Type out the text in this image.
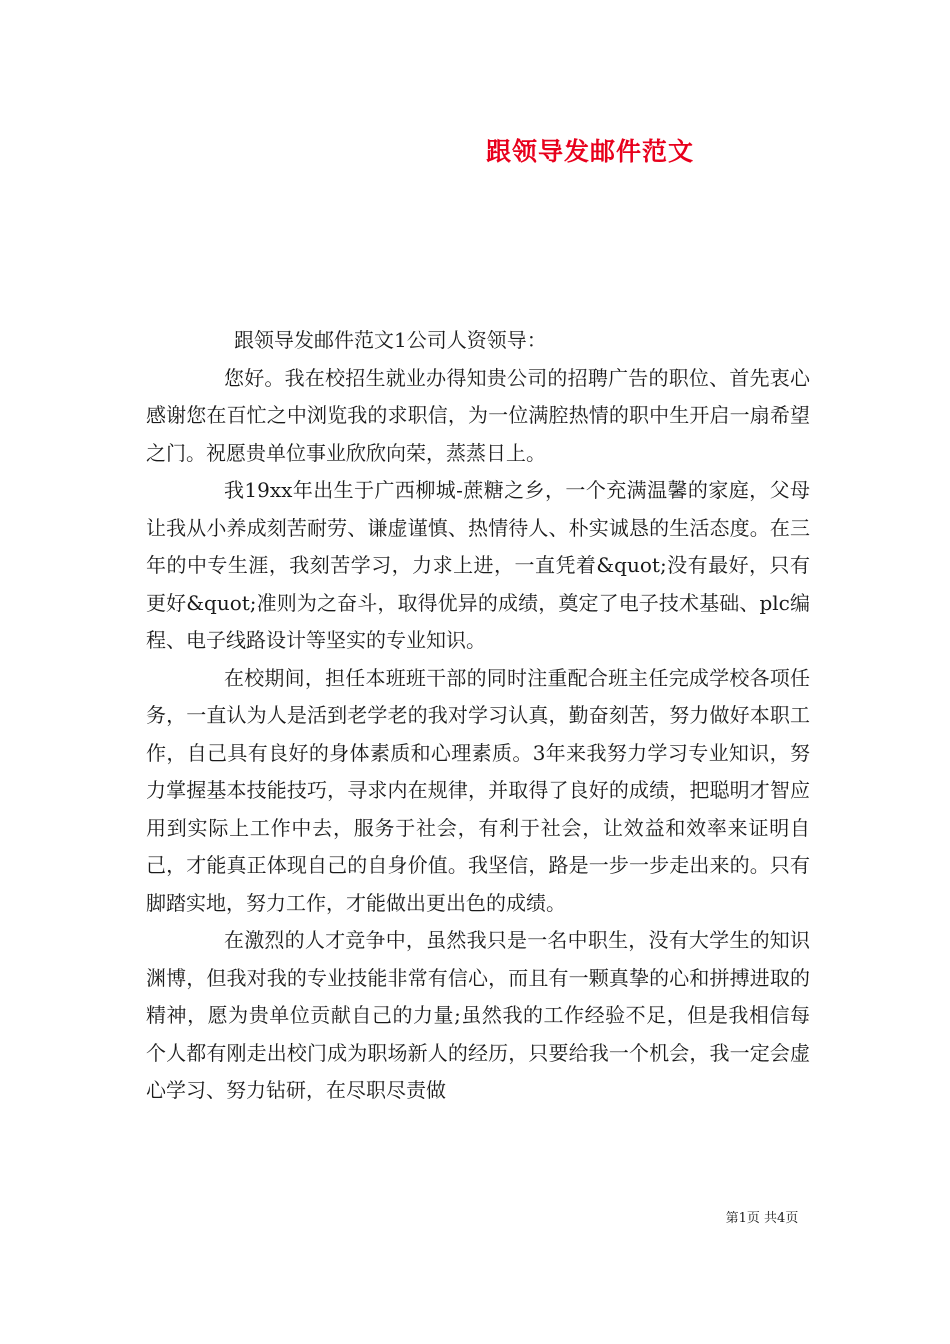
跟领导发邮件范文

跟领导发邮件范文1公司人资领导：

您好。我在校招生就业办得知贵公司的招聘广告的职位、首先衷心感谢您在百忙之中浏览我的求职信，为一位满腔热情的职中生开启一扇希望之门。祝愿贵单位事业欣欣向荣，蒸蒸日上。

我19xx年出生于广西柳城-蔗糖之乡，一个充满温馨的家庭，父母让我从小养成刻苦耐劳、谦虚谨慎、热情待人、朴实诚恳的生活态度。在三年的中专生涯，我刻苦学习，力求上进，一直凭着&quot;没有最好，只有更好&quot;准则为之奋斗，取得优异的成绩，奠定了电子技术基础、plc编程、电子线路设计等坚实的专业知识。

在校期间，担任本班班干部的同时注重配合班主任完成学校各项任务，一直认为人是活到老学老的我对学习认真，勤奋刻苦，努力做好本职工作，自己具有良好的身体素质和心理素质。3年来我努力学习专业知识，努力掌握基本技能技巧，寻求内在规律，并取得了良好的成绩，把聪明才智应用到实际上工作中去，服务于社会，有利于社会，让效益和效率来证明自己，才能真正体现自己的自身价值。我坚信，路是一步一步走出来的。只有脚踏实地，努力工作，才能做出更出色的成绩。

在激烈的人才竞争中，虽然我只是一名中职生，没有大学生的知识渊博，但我对我的专业技能非常有信心，而且有一颗真挚的心和拼搏进取的精神，愿为贵单位贡献自己的力量;虽然我的工作经验不足，但是我相信每个人都有刚走出校门成为职场新人的经历，只要给我一个机会，我一定会虚心学习、努力钻研，在尽职尽责做

第1页 共4页
